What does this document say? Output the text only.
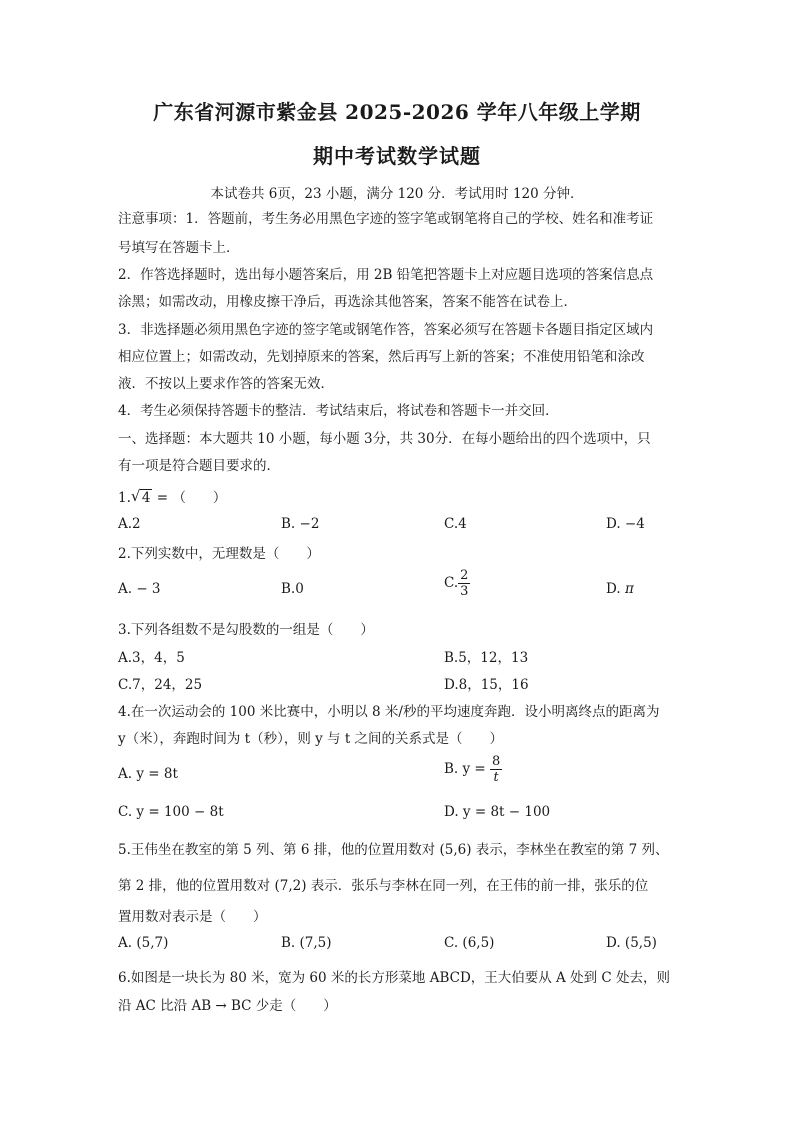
广东省河源市紫金县 2025-2026 学年八年级上学期
期中考试数学试题
本试卷共 6页，23 小题，满分 120 分．考试用时 120 分钟．
注意事项：1．答题前，考生务必用黑色字迹的签字笔或钢笔将自己的学校、姓名和准考证
号填写在答题卡上．
2．作答选择题时，选出每小题答案后，用 2B 铅笔把答题卡上对应题目选项的答案信息点
涂黑；如需改动，用橡皮擦干净后，再选涂其他答案，答案不能答在试卷上．
3．非选择题必须用黑色字迹的签字笔或钢笔作答，答案必须写在答题卡各题目指定区域内
相应位置上；如需改动，先划掉原来的答案，然后再写上新的答案；不准使用铅笔和涂改
液．不按以上要求作答的答案无效．
4．考生必须保持答题卡的整洁．考试结束后，将试卷和答题卡一并交回．
一、选择题：本大题共 10 小题，每小题 3分，共 30分．在每小题给出的四个选项中，只
有一项是符合题目要求的．
1. √ 4 = （　　）
A.2	B. −2	C.4	D. −4
2.下列实数中，无理数是（　　）
A. − 3	B.0	C. $\frac{2}{3}$	D. π
3.下列各组数不是勾股数的一组是（　　）
A.3，4，5	B.5，12，13
C.7，24，25	D.8，15，16
4.在一次运动会的 100 米比赛中，小明以 8 米/秒的平均速度奔跑．设小明离终点的距离为
y（米），奔跑时间为 t（秒），则 y 与 t 之间的关系式是（　　）
A. y = 8t	B. $y = \frac{8}{t}$
C. y = 100 − 8t	D. y = 8t − 100
5.王伟坐在教室的第 5 列、第 6 排，他的位置用数对 (5,6) 表示，李林坐在教室的第 7 列、
第 2 排，他的位置用数对 (7,2) 表示．张乐与李林在同一列，在王伟的前一排，张乐的位
置用数对表示是（　　）
A. (5,7)	B. (7,5)	C. (6,5)	D. (5,5)
6.如图是一块长为 80 米，宽为 60 米的长方形菜地 ABCD，王大伯要从 A 处到 C 处去，则
沿 AC 比沿 AB → BC 少走（　　）
